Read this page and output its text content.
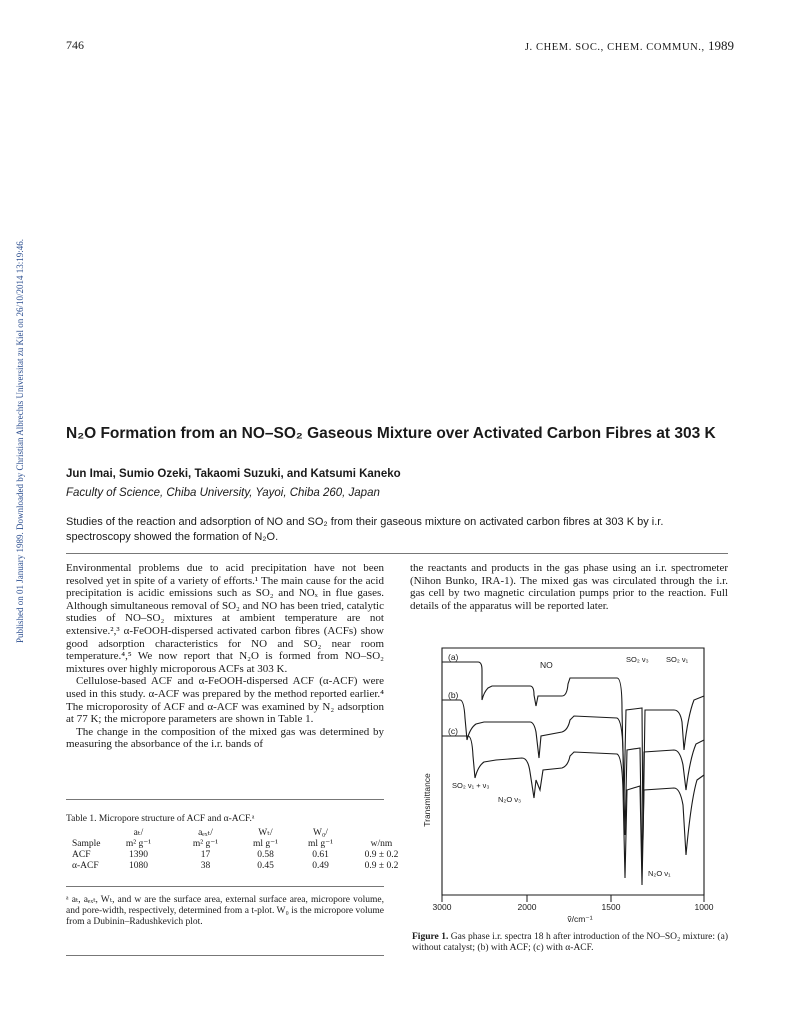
Published on 01 January 1989. Downloaded by Christian Albrechts Universitat zu Kiel on 26/10/2014 13:19:46.
746	J. CHEM. SOC., CHEM. COMMUN., 1989
N₂O Formation from an NO–SO₂ Gaseous Mixture over Activated Carbon Fibres at 303 K
Jun Imai, Sumio Ozeki, Takaomi Suzuki, and Katsumi Kaneko
Faculty of Science, Chiba University, Yayoi, Chiba 260, Japan
Studies of the reaction and adsorption of NO and SO₂ from their gaseous mixture on activated carbon fibres at 303 K by i.r. spectroscopy showed the formation of N₂O.

Environmental problems due to acid precipitation have not been resolved yet in spite of a variety of efforts.¹ The main cause for the acid precipitation is acidic emissions such as SO₂ and NOₓ in flue gases. Although simultaneous removal of SO₂ and NO has been tried, catalytic studies of NO–SO₂ mixtures at ambient temperature are not extensive.²,³ α-FeOOH-dispersed activated carbon fibres (ACFs) show good adsorption characteristics for NO and SO₂ near room temperature.⁴,⁵ We now report that N₂O is formed from NO–SO₂ mixtures over highly microporous ACFs at 303 K.

Cellulose-based ACF and α-FeOOH-dispersed ACF (α-ACF) were used in this study. α-ACF was prepared by the method reported earlier.⁴ The microporosity of ACF and α-ACF was examined by N₂ adsorption at 77 K; the micropore parameters are shown in Table 1.

The change in the composition of the mixed gas was determined by measuring the absorbance of the i.r. bands of

the reactants and products in the gas phase using an i.r. spectrometer (Nihon Bunko, IRA-1). The mixed gas was circulated through the i.r. gas cell by two magnetic circulation pumps prior to the reaction. Full details of the apparatus will be reported later.

Table 1. Micropore structure of ACF and α-ACF.ᵃ
	aₜ/	aₑₓₜ/	Wₜ/	W₀/	
Sample	m² g⁻¹	m² g⁻¹	ml g⁻¹	ml g⁻¹	w/nm
ACF	1390	17	0.58	0.61	0.9 ± 0.2
α-ACF	1080	38	0.45	0.49	0.9 ± 0.2
ᵃ aₜ, aₑₓₜ, Wₜ, and w are the surface area, external surface area, micropore volume, and pore-width, respectively, determined from a t-plot. W₀ is the micropore volume from a Dubinin–Radushkevich plot.
(a)
(b)
(c)
NO
SO₂ ν₃ SO₂ ν₁
SO₂ ν₁ + ν₃
N₂O ν₃
N₂O ν₁
Transmittance
3000	2000	1500	1000
ṽ/cm⁻¹
Figure 1. Gas phase i.r. spectra 18 h after introduction of the NO–SO₂ mixture: (a) without catalyst; (b) with ACF; (c) with α-ACF.
